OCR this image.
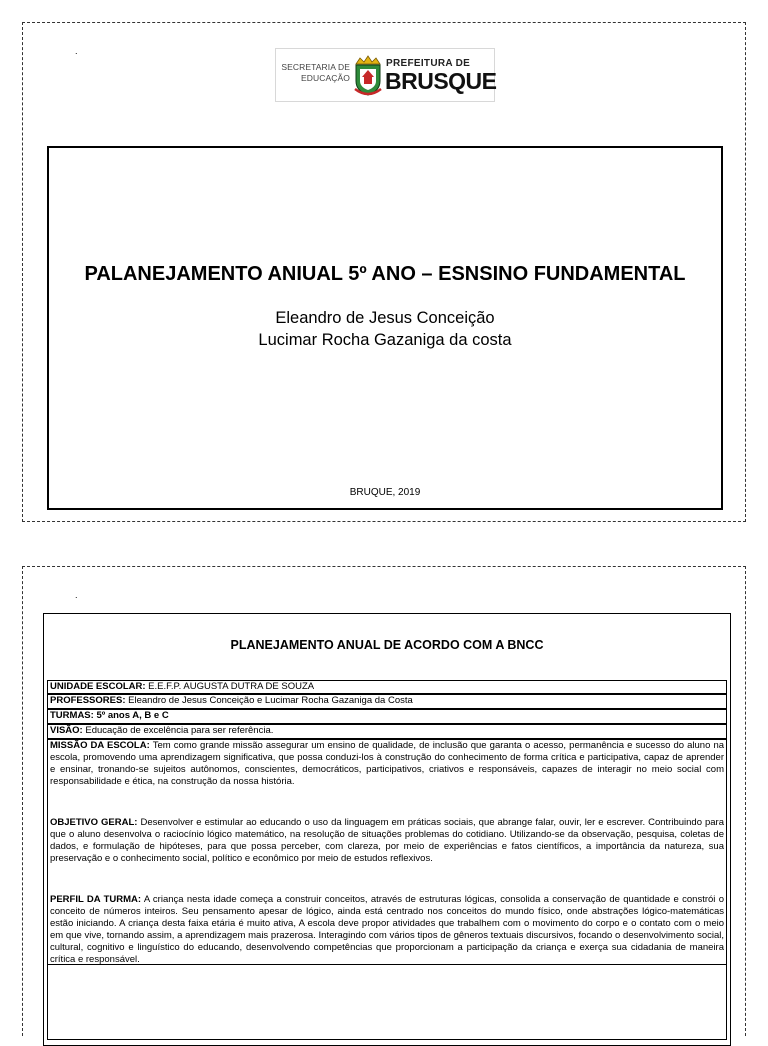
.
SECRETARIA DE
EDUCAÇÃO
PREFEITURA DE
BRUSQUE
PALANEJAMENTO ANIUAL 5º ANO – ESNSINO FUNDAMENTAL
Eleandro de Jesus Conceição
Lucimar Rocha Gazaniga da costa
BRUQUE, 2019
.
PLANEJAMENTO ANUAL DE ACORDO COM A BNCC
UNIDADE ESCOLAR: E.E.F.P. AUGUSTA DUTRA DE SOUZA
PROFESSORES: Eleandro de Jesus Conceição e Lucimar Rocha Gazaniga da Costa
TURMAS: 5º anos A, B e C
VISÃO: Educação de excelência para ser referência.

MISSÃO DA ESCOLA: Tem como grande missão assegurar um ensino de qualidade, de inclusão que garanta o acesso, permanência e sucesso do aluno na escola, promovendo uma aprendizagem significativa, que possa conduzi-los à construção do conhecimento de forma crítica e participativa, capaz de aprender e ensinar, tronando-se sujeitos autônomos, conscientes, democráticos, participativos, criativos e responsáveis, capazes de interagir no meio social com responsabilidade e ética, na construção da nossa história.

OBJETIVO GERAL: Desenvolver e estimular ao educando o uso da linguagem em práticas sociais, que abrange falar, ouvir, ler e escrever. Contribuindo para que o aluno desenvolva o raciocínio lógico matemático, na resolução de situações problemas do cotidiano. Utilizando-se da observação, pesquisa, coletas de dados, e formulação de hipóteses, para que possa perceber, com clareza, por meio de experiências e fatos científicos, a importância da natureza, sua preservação e o conhecimento social, político e econômico por meio de estudos reflexivos.

PERFIL DA TURMA: A criança nesta idade começa a construir conceitos, através de estruturas lógicas, consolida a conservação de quantidade e constrói o conceito de números inteiros. Seu pensamento apesar de lógico, ainda está centrado nos conceitos do mundo físico, onde abstrações lógico-matemáticas estão iniciando. A criança desta faixa etária é muito ativa, A escola deve propor atividades que trabalhem com o movimento do corpo e o contato com o meio em que vive, tornando assim, a aprendizagem mais prazerosa. Interagindo com vários tipos de gêneros textuais discursivos, focando o desenvolvimento social, cultural, cognitivo e linguístico do educando, desenvolvendo competências que proporcionam a participação da criança e exerça sua cidadania de maneira crítica e responsável.
